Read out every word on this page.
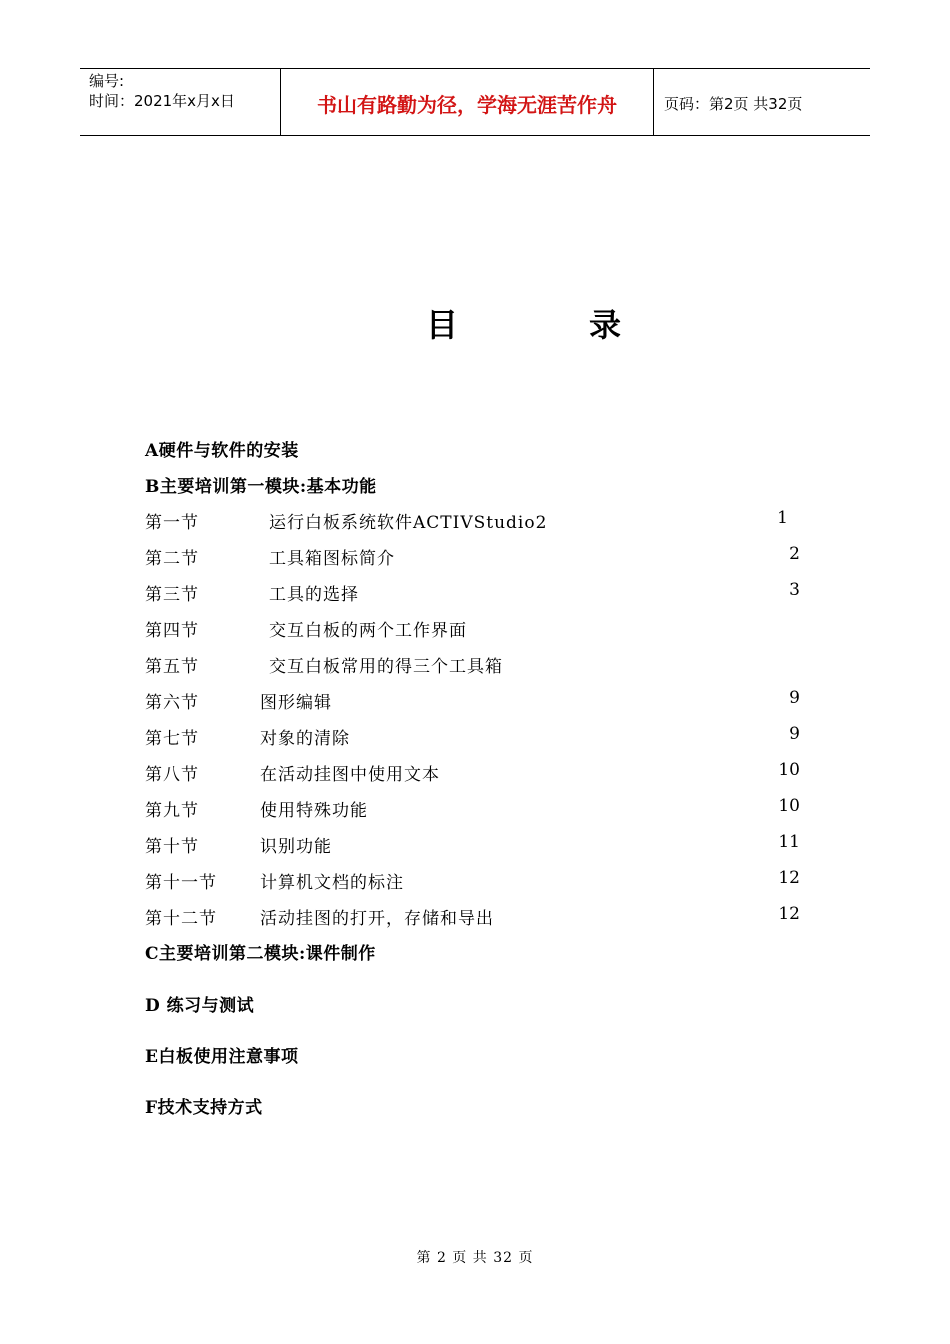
编号:
时间：2021年x月x日	书山有路勤为径，学海无涯苦作舟	页码：第2页 共32页
目	录
A硬件与软件的安装
B主要培训第一模块:基本功能
第一节	运行白板系统软件ACTIVStudio2	1
第二节	工具箱图标简介	2
第三节	工具的选择	3
第四节	交互白板的两个工作界面
第五节	交互白板常用的得三个工具箱
第六节	图形编辑	9
第七节	对象的清除	9
第八节	在活动挂图中使用文本	10
第九节	使用特殊功能	10
第十节	识别功能	11
第十一节	计算机文档的标注	12
第十二节	活动挂图的打开，存储和导出	12
C主要培训第二模块:课件制作
D 练习与测试
E白板使用注意事项
F技术支持方式
第 2 页 共 32 页
